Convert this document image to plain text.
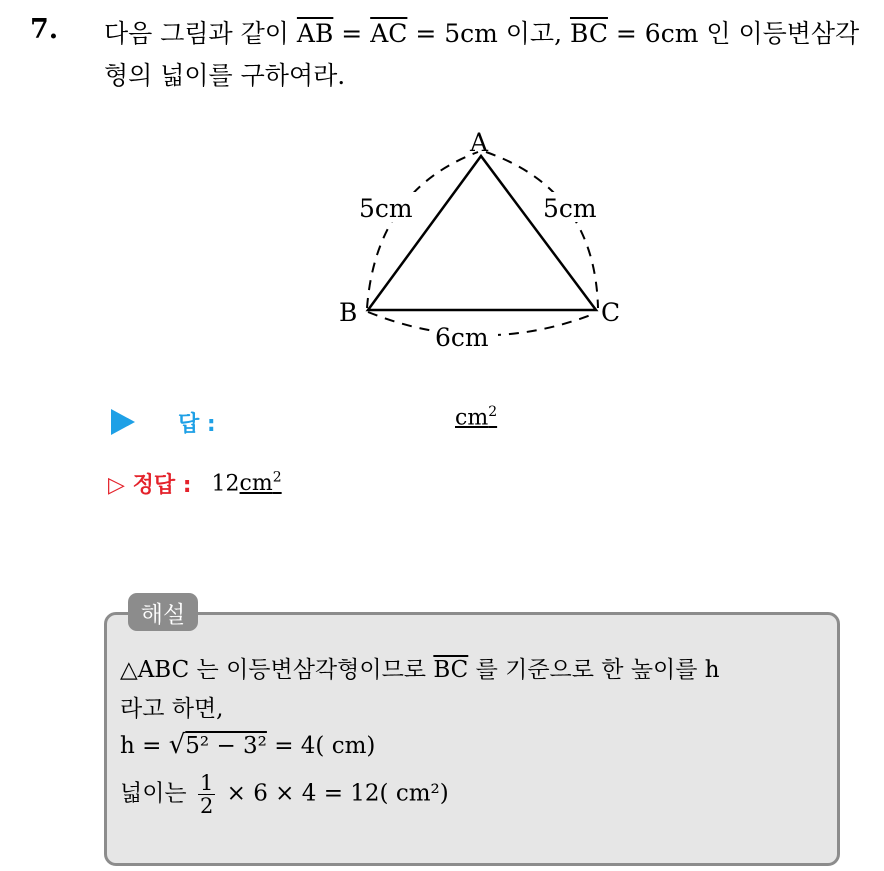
7. 다음 그림과 같이 $\overline{AB} = \overline{AC} = 5cm$ 이고, $\overline{BC} = 6cm$ 인 이등변삼각
형의 넓이를 구하여라.
A
B	C
5cm	5cm
6cm
답 :	$cm^2$
▷ 정답 : $12cm^2$
해설
△ABC 는 이등변삼각형이므로 $\overline{BC}$ 를 기준으로 한 높이를 h
라고 하면,
h = √5² − 3² = 4( cm)
넓이는 $\frac{1}{2} \times 6 \times 4 = 12$( cm²)
